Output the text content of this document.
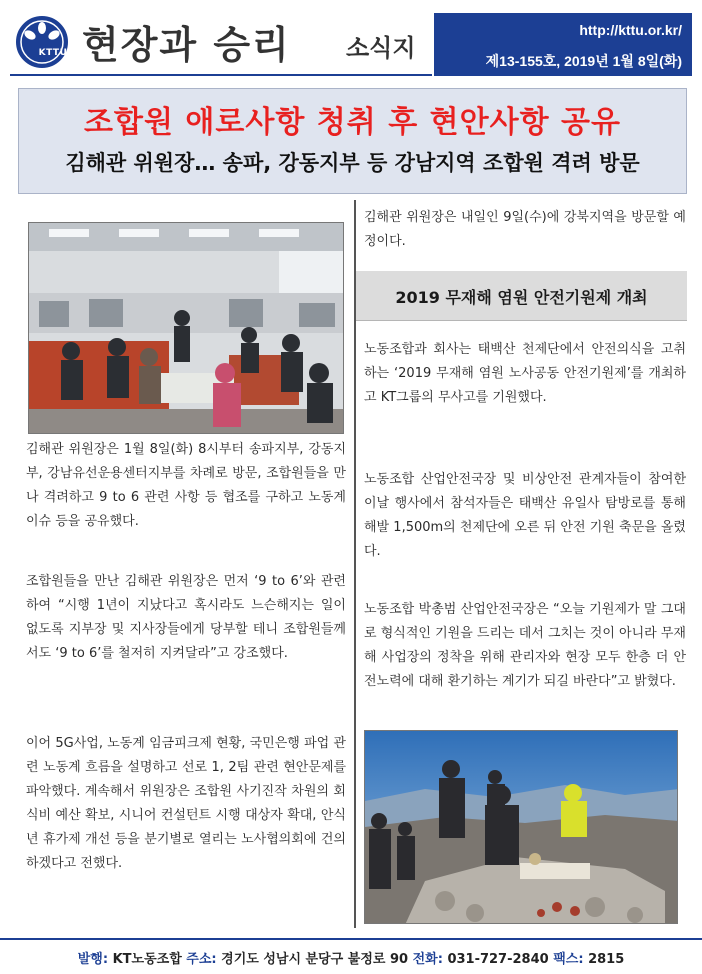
KTTU 현장과 승리 소식지
http://kttu.or.kr/
제13-155호, 2019년 1월 8일(화)
조합원 애로사항 청취 후 현안사항 공유
김해관 위원장… 송파, 강동지부 등 강남지역 조합원 격려 방문
김해관 위원장은 1월 8일(화) 8시부터 송파지부, 강동지부, 강남유선운용센터지부를 차례로 방문, 조합원들을 만나 격려하고 9 to 6 관련 사항 등 협조를 구하고 노동계 이슈 등을 공유했다.
조합원들을 만난 김해관 위원장은 먼저 ‘9 to 6’와 관련하여 “시행 1년이 지났다고 혹시라도 느슨해지는 일이 없도록 지부장 및 지사장들에게 당부할 테니 조합원들께서도 ‘9 to 6’를 철저히 지켜달라”고 강조했다.
이어 5G사업, 노동계 임금피크제 현황, 국민은행 파업 관련 노동계 흐름을 설명하고 선로 1, 2팀 관련 현안문제를 파악했다. 계속해서 위원장은 조합원 사기진작 차원의 회식비 예산 확보, 시니어 컨설턴트 시행 대상자 확대, 안식년 휴가제 개선 등을 분기별로 열리는 노사협의회에 건의하겠다고 전했다.
김해관 위원장은 내일인 9일(수)에 강북지역을 방문할 예정이다.
2019 무재해 염원 안전기원제 개최
노동조합과 회사는 태백산 천제단에서 안전의식을 고취하는 ‘2019 무재해 염원 노사공동 안전기원제’를 개최하고 KT그룹의 무사고를 기원했다.
노동조합 산업안전국장 및 비상안전 관계자들이 참여한 이날 행사에서 참석자들은 태백산 유일사 탐방로를 통해 해발 1,500m의 천제단에 오른 뒤 안전 기원 축문을 올렸다.
노동조합 박총범 산업안전국장은 “오늘 기원제가 말 그대로 형식적인 기원을 드리는 데서 그치는 것이 아니라 무재해 사업장의 정착을 위해 관리자와 현장 모두 한층 더 안전노력에 대해 환기하는 계기가 되길 바란다”고 밝혔다.
발행: KT노동조합 주소: 경기도 성남시 분당구 불정로 90 전화: 031-727-2840 팩스: 2815
